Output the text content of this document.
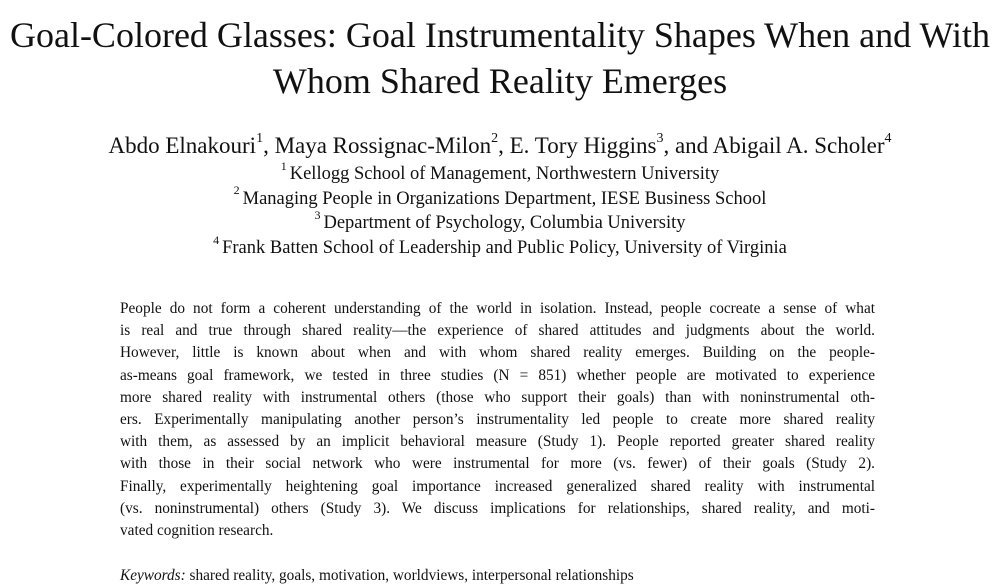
Goal-Colored Glasses: Goal Instrumentality Shapes When and With
Whom Shared Reality Emerges
Abdo Elnakouri$^1$, Maya Rossignac-Milon$^2$, E. Tory Higgins$^3$, and Abigail A. Scholer$^4$
$^1$ Kellogg School of Management, Northwestern University
$^2$ Managing People in Organizations Department, IESE Business School
$^3$ Department of Psychology, Columbia University
$^4$ Frank Batten School of Leadership and Public Policy, University of Virginia
People do not form a coherent understanding of the world in isolation. Instead, people cocreate a sense of what
is real and true through shared reality—the experience of shared attitudes and judgments about the world.
However, little is known about when and with whom shared reality emerges. Building on the people-
as-means goal framework, we tested in three studies (N = 851) whether people are motivated to experience
more shared reality with instrumental others (those who support their goals) than with noninstrumental oth-
ers. Experimentally manipulating another person’s instrumentality led people to create more shared reality
with them, as assessed by an implicit behavioral measure (Study 1). People reported greater shared reality
with those in their social network who were instrumental for more (vs. fewer) of their goals (Study 2).
Finally, experimentally heightening goal importance increased generalized shared reality with instrumental
(vs. noninstrumental) others (Study 3). We discuss implications for relationships, shared reality, and moti-
vated cognition research.
Keywords: shared reality, goals, motivation, worldviews, interpersonal relationships
